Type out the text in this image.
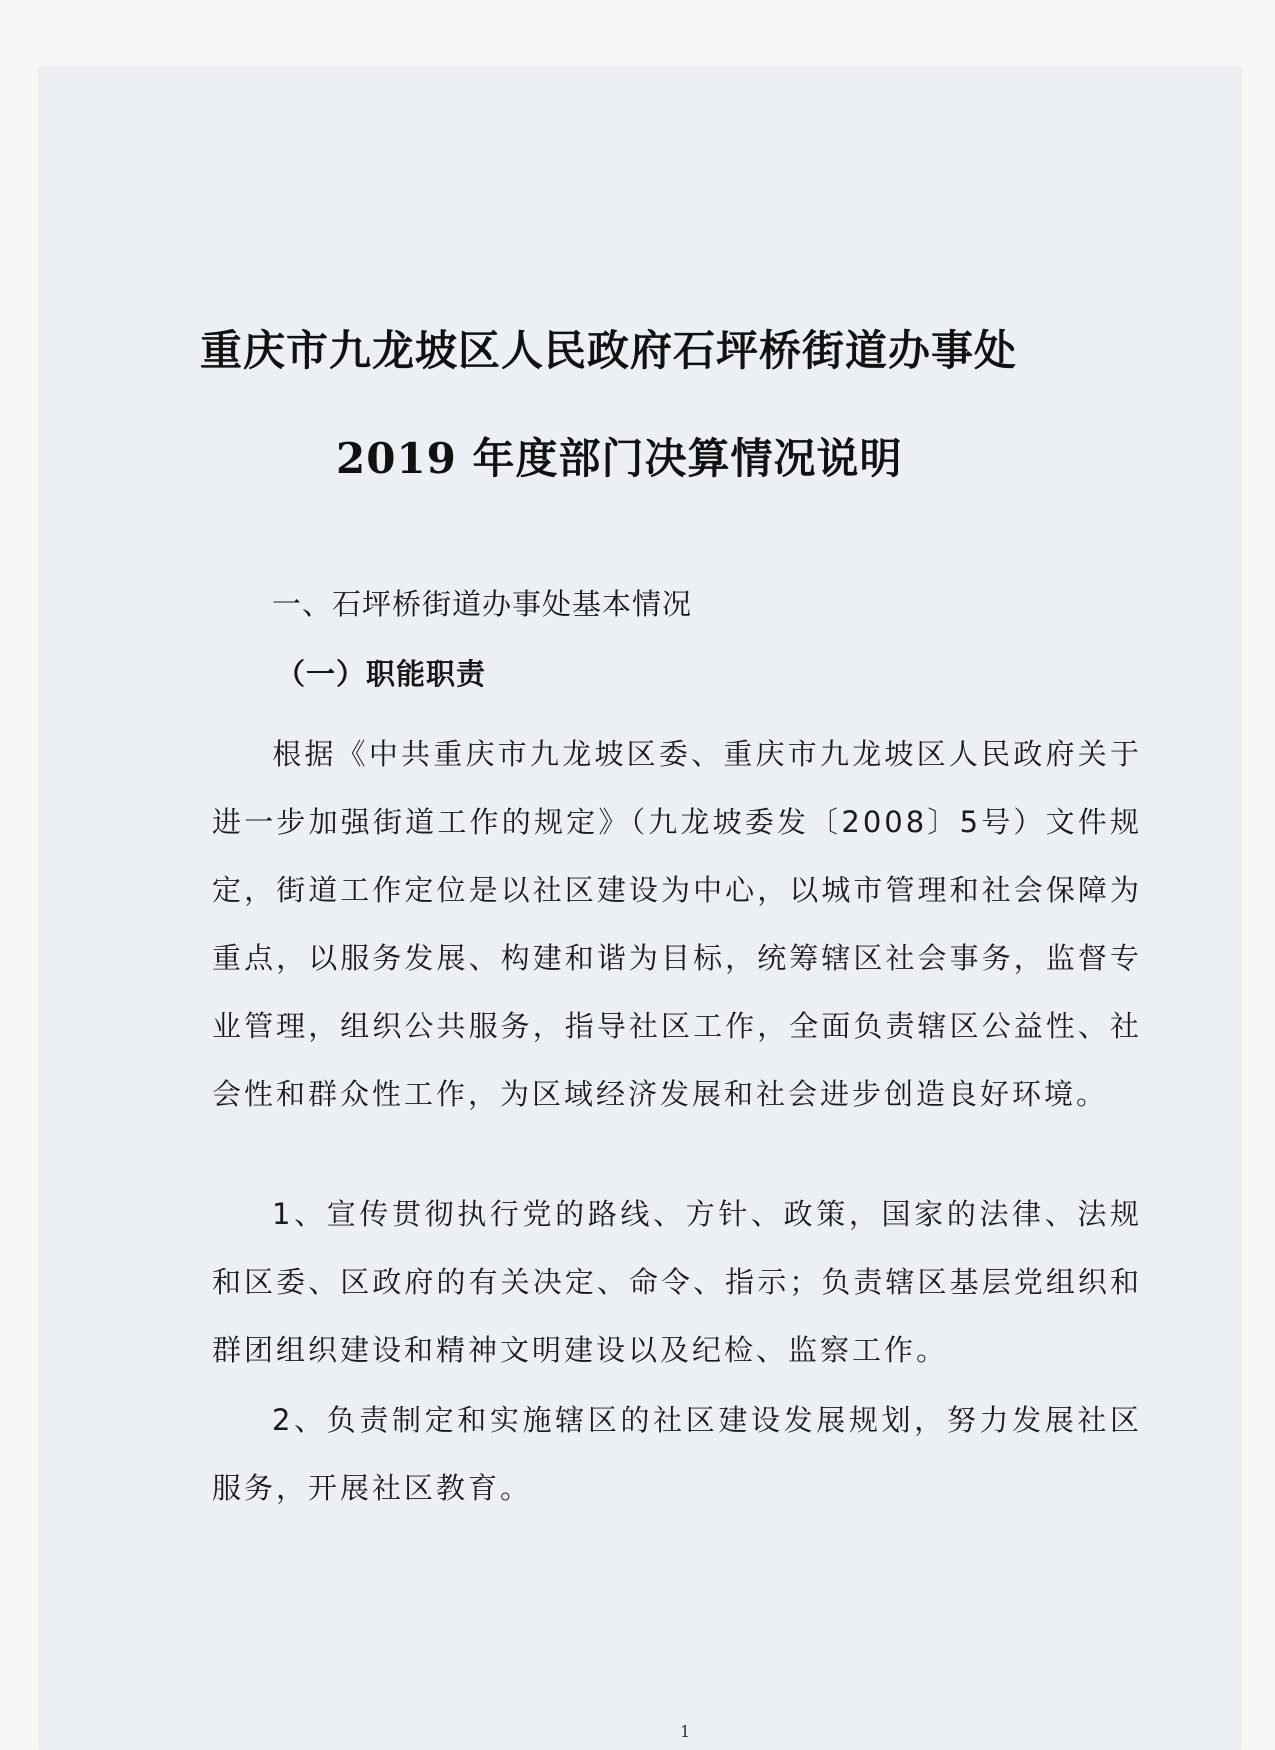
重庆市九龙坡区人民政府石坪桥街道办事处
2019 年度部门决算情况说明
一、石坪桥街道办事处基本情况
（一）职能职责
根据《中共重庆市九龙坡区委、重庆市九龙坡区人民政府关于进一步加强街道工作的规定》（九龙坡委发〔2008〕5号）文件规定，街道工作定位是以社区建设为中心，以城市管理和社会保障为重点，以服务发展、构建和谐为目标，统筹辖区社会事务，监督专业管理，组织公共服务，指导社区工作，全面负责辖区公益性、社会性和群众性工作，为区域经济发展和社会进步创造良好环境。
1、宣传贯彻执行党的路线、方针、政策，国家的法律、法规和区委、区政府的有关决定、命令、指示；负责辖区基层党组织和群团组织建设和精神文明建设以及纪检、监察工作。
2、负责制定和实施辖区的社区建设发展规划，努力发展社区服务，开展社区教育。
1
